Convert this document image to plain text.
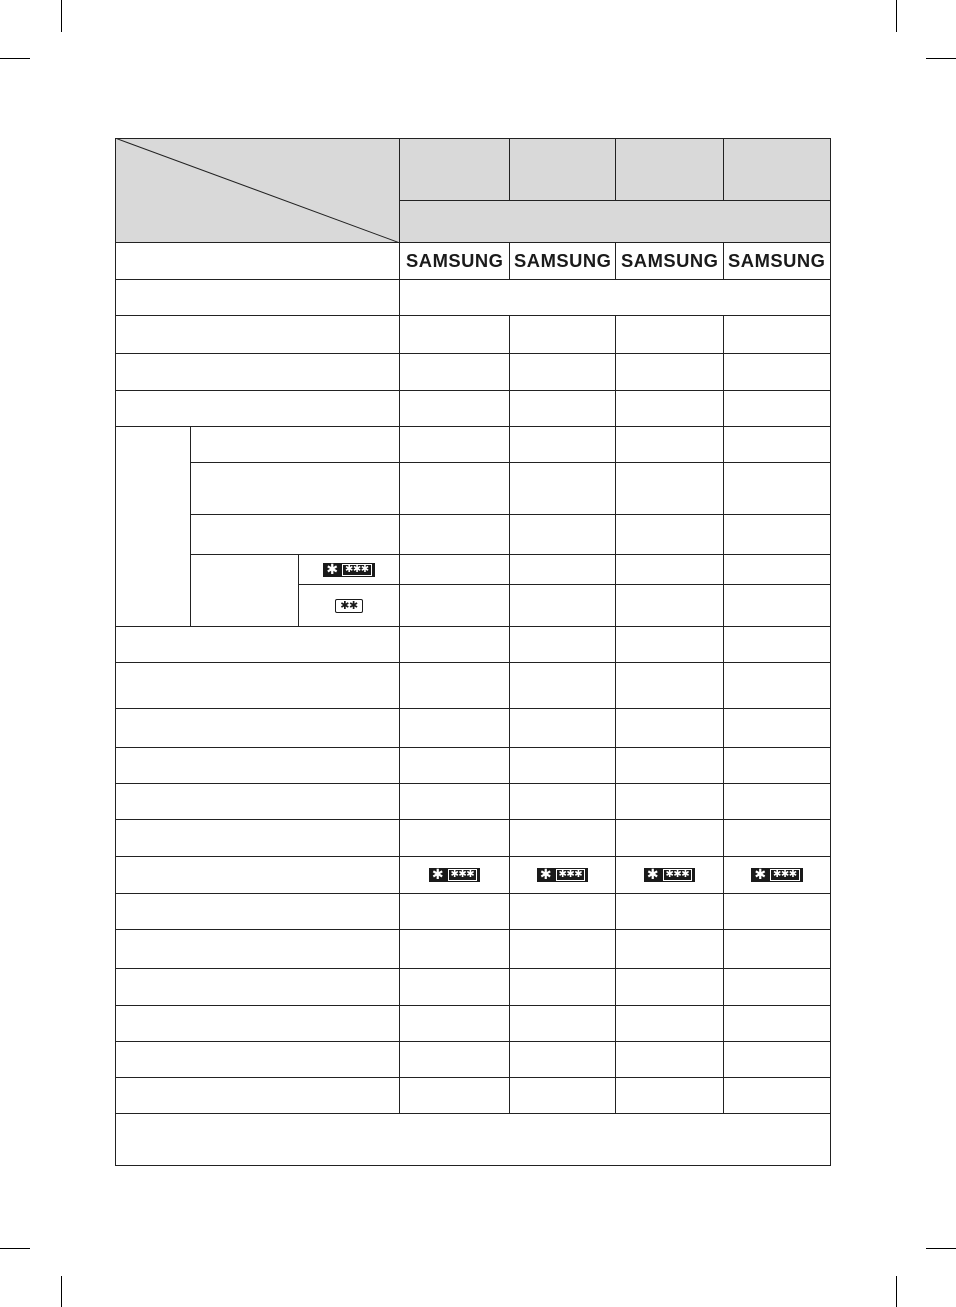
SAMSUNG SAMSUNG SAMSUNG SAMSUNG
✱ ✱✱✱
✱✱
✱ ✱✱✱	✱ ✱✱✱	✱ ✱✱✱	✱ ✱✱✱
